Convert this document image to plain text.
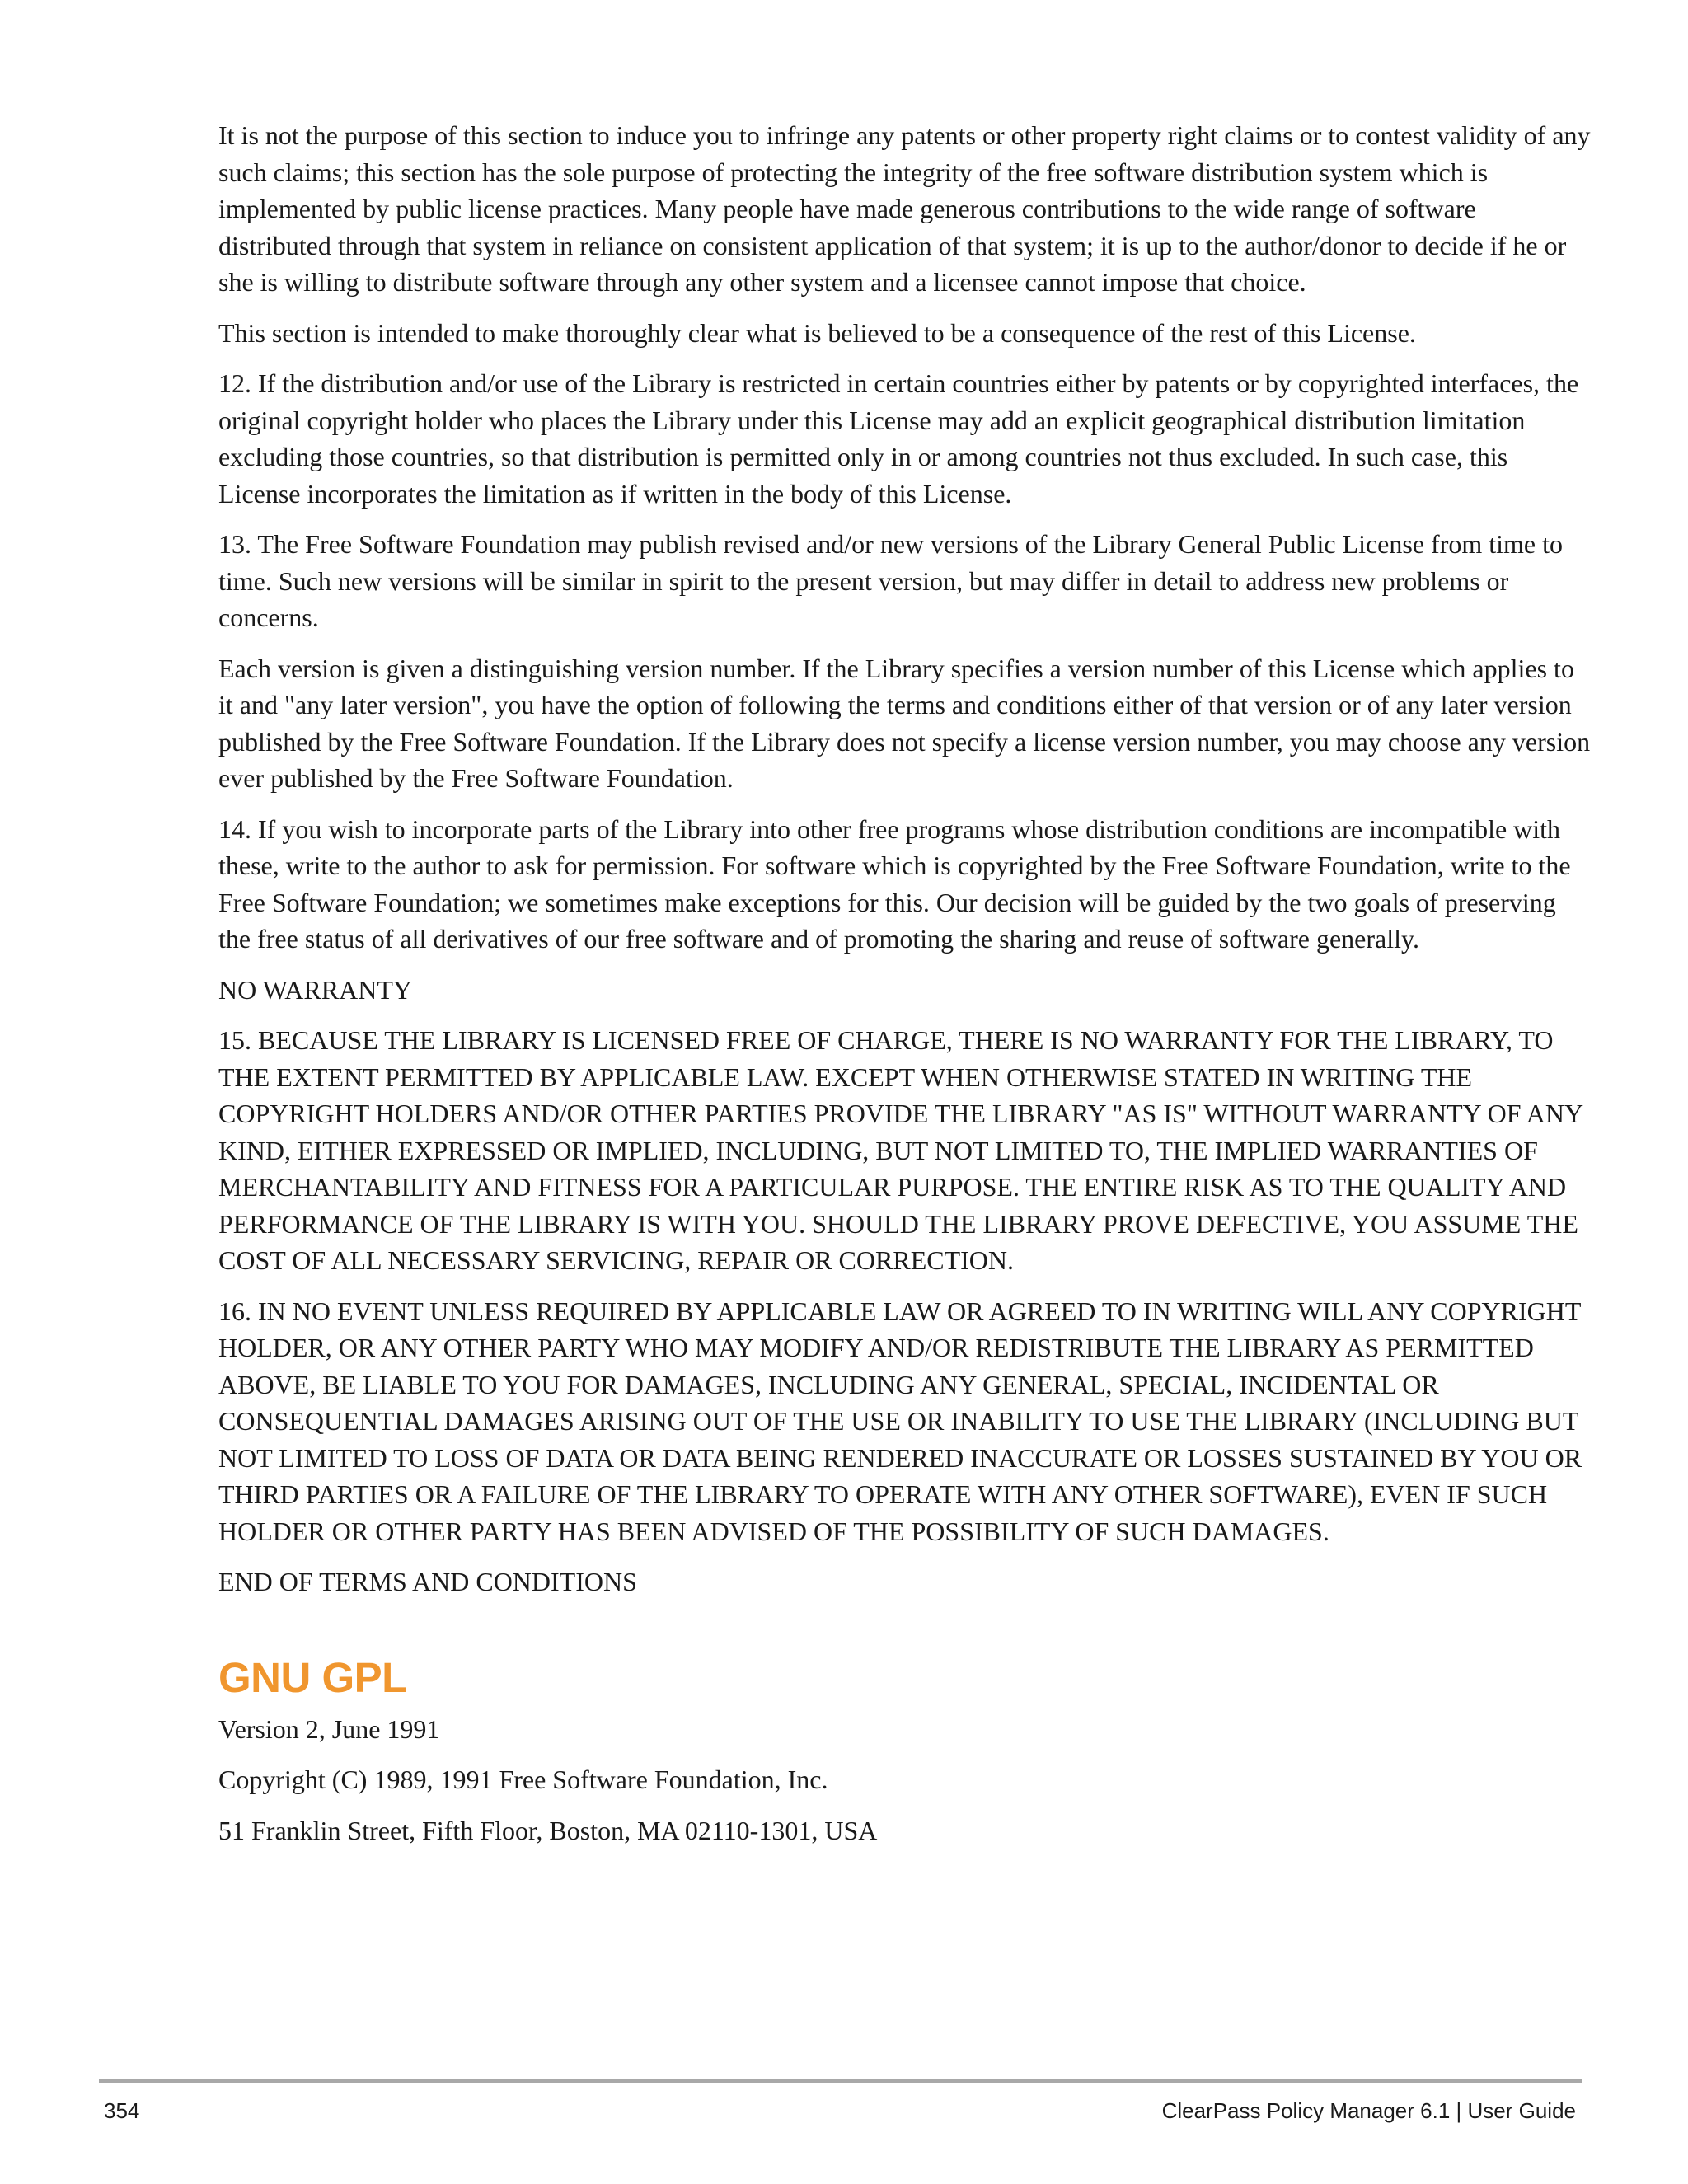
It is not the purpose of this section to induce you to infringe any patents or other property right claims or to contest validity of any such claims; this section has the sole purpose of protecting the integrity of the free software distribution system which is implemented by public license practices. Many people have made generous contributions to the wide range of software distributed through that system in reliance on consistent application of that system; it is up to the author/donor to decide if he or she is willing to distribute software through any other system and a licensee cannot impose that choice.

This section is intended to make thoroughly clear what is believed to be a consequence of the rest of this License.

12. If the distribution and/or use of the Library is restricted in certain countries either by patents or by copyrighted interfaces, the original copyright holder who places the Library under this License may add an explicit geographical distribution limitation excluding those countries, so that distribution is permitted only in or among countries not thus excluded. In such case, this License incorporates the limitation as if written in the body of this License.

13. The Free Software Foundation may publish revised and/or new versions of the Library General Public License from time to time. Such new versions will be similar in spirit to the present version, but may differ in detail to address new problems or concerns.

Each version is given a distinguishing version number. If the Library specifies a version number of this License which applies to it and "any later version", you have the option of following the terms and conditions either of that version or of any later version published by the Free Software Foundation. If the Library does not specify a license version number, you may choose any version ever published by the Free Software Foundation.

14. If you wish to incorporate parts of the Library into other free programs whose distribution conditions are incompatible with these, write to the author to ask for permission. For software which is copyrighted by the Free Software Foundation, write to the Free Software Foundation; we sometimes make exceptions for this. Our decision will be guided by the two goals of preserving the free status of all derivatives of our free software and of promoting the sharing and reuse of software generally.

NO WARRANTY

15. BECAUSE THE LIBRARY IS LICENSED FREE OF CHARGE, THERE IS NO WARRANTY FOR THE LIBRARY, TO THE EXTENT PERMITTED BY APPLICABLE LAW. EXCEPT WHEN OTHERWISE STATED IN WRITING THE COPYRIGHT HOLDERS AND/OR OTHER PARTIES PROVIDE THE LIBRARY "AS IS" WITHOUT WARRANTY OF ANY KIND, EITHER EXPRESSED OR IMPLIED, INCLUDING, BUT NOT LIMITED TO, THE IMPLIED WARRANTIES OF MERCHANTABILITY AND FITNESS FOR A PARTICULAR PURPOSE. THE ENTIRE RISK AS TO THE QUALITY AND PERFORMANCE OF THE LIBRARY IS WITH YOU. SHOULD THE LIBRARY PROVE DEFECTIVE, YOU ASSUME THE COST OF ALL NECESSARY SERVICING, REPAIR OR CORRECTION.

16. IN NO EVENT UNLESS REQUIRED BY APPLICABLE LAW OR AGREED TO IN WRITING WILL ANY COPYRIGHT HOLDER, OR ANY OTHER PARTY WHO MAY MODIFY AND/OR REDISTRIBUTE THE LIBRARY AS PERMITTED ABOVE, BE LIABLE TO YOU FOR DAMAGES, INCLUDING ANY GENERAL, SPECIAL, INCIDENTAL OR CONSEQUENTIAL DAMAGES ARISING OUT OF THE USE OR INABILITY TO USE THE LIBRARY (INCLUDING BUT NOT LIMITED TO LOSS OF DATA OR DATA BEING RENDERED INACCURATE OR LOSSES SUSTAINED BY YOU OR THIRD PARTIES OR A FAILURE OF THE LIBRARY TO OPERATE WITH ANY OTHER SOFTWARE), EVEN IF SUCH HOLDER OR OTHER PARTY HAS BEEN ADVISED OF THE POSSIBILITY OF SUCH DAMAGES.

END OF TERMS AND CONDITIONS

GNU GPL

Version 2, June 1991

Copyright (C) 1989, 1991 Free Software Foundation, Inc.

51 Franklin Street, Fifth Floor, Boston, MA 02110-1301, USA

354	ClearPass Policy Manager 6.1 | User Guide
